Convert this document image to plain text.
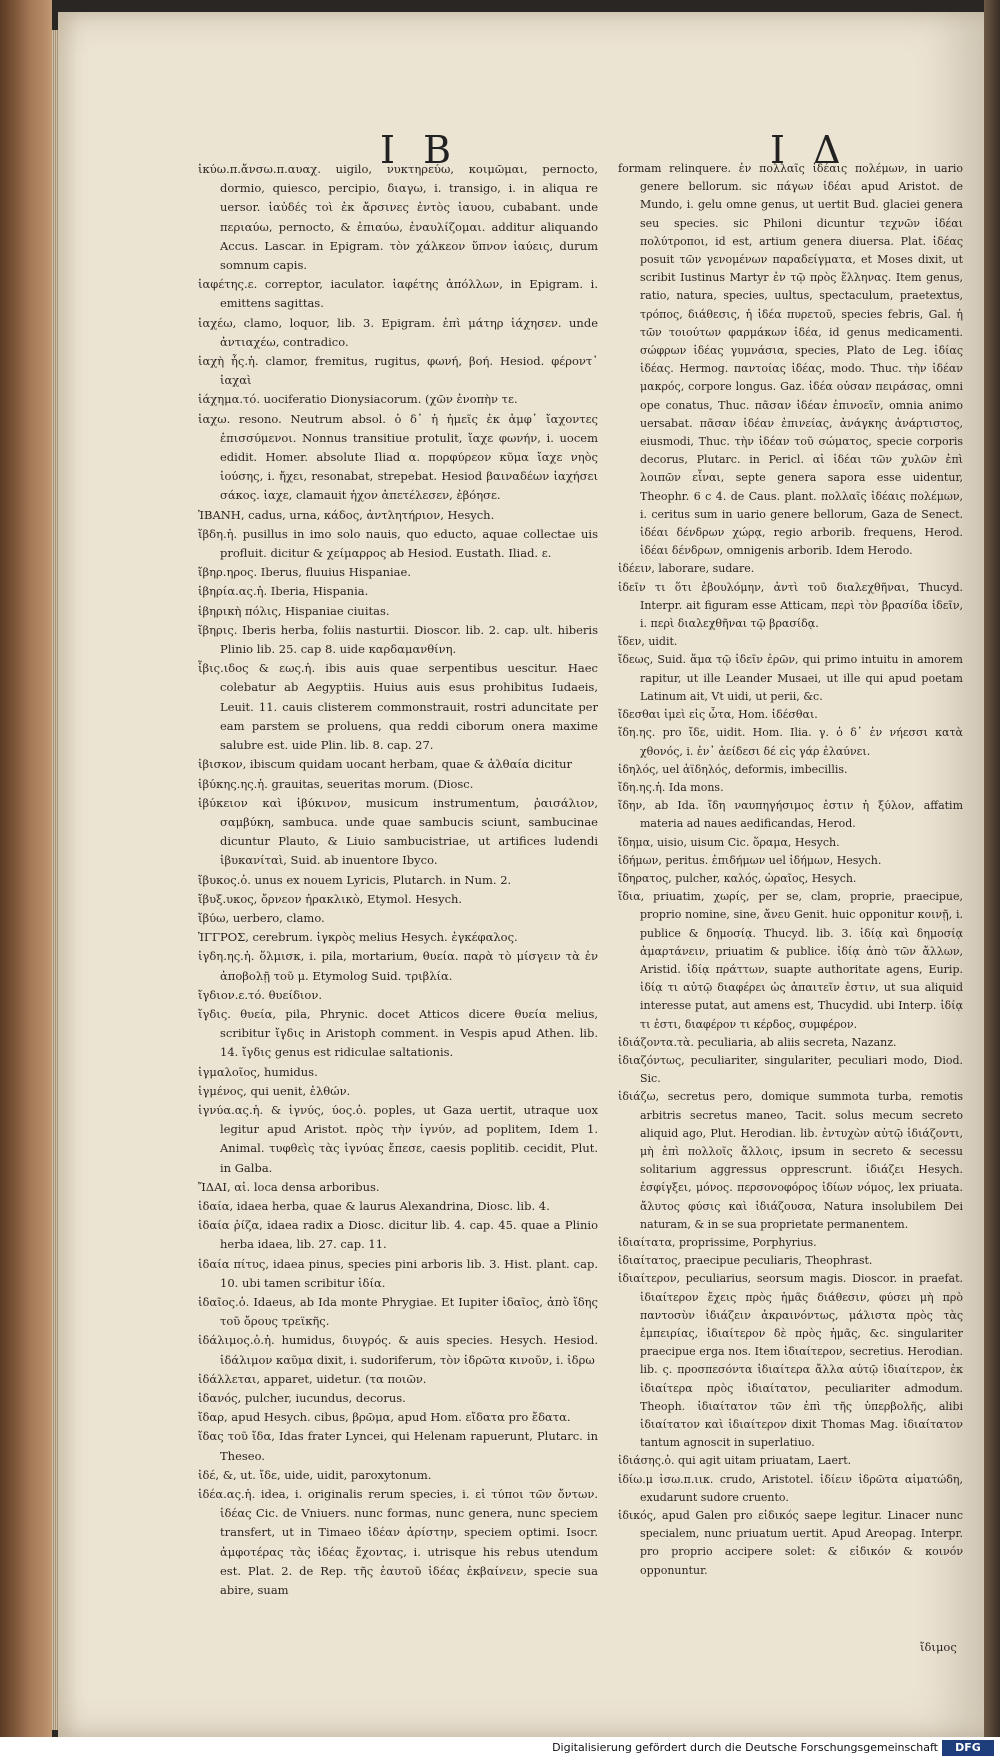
I B	I Δ

ἰκύω.π.ἄνσω.π.αυαχ. uigilo, νυκτηρεύω, κοιμῶμαι, pernocto, dormio, quiesco, percipio, διαγω, i. transigo, i. in aliqua re uersor. ἰαὐδές τοὶ ἐκ ἄρσινες ἐντὸς ἰαυου, cubabant. unde περιαύω, pernocto, & ἐπιαύω, ἐναυλίζομαι. additur aliquando Accus. Lascar. in Epigram. τὸν χάλκεον ὕπνον ἰαύεις, durum somnum capis.

ἰαφέτης.ε. correptor, iaculator. ἰαφέτης ἀπόλλων, in Epigram. i. emittens sagittas.

ἰαχέω, clamo, loquor, lib. 3. Epigram. ἐπὶ μάτηρ ἰάχησεν. unde ἀντιαχέω, contradico.

ἰαχὴ ἧς.ἡ. clamor, fremitus, rugitus, φωνή, βοή. Hesiod. φέροντ᾽ ἰαχαὶ

ἰάχημα.τό. uociferatio Dionysiacorum. (χῶν ἐνοπὴν τε.

ἰαχω. resono. Neutrum absol. ὁ δ᾽ ἡ ἡμεῖς ἐκ ἀμφ᾽ ἴαχοντες ἐπισσύμενοι. Nonnus transitiue protulit, ἴαχε φωνήν, i. uocem edidit. Homer. absolute Iliad α. πορφύρεον κῦμα ἴαχε νηὸς ἰούσης, i. ἤχει, resonabat, strepebat. Hesiod βαιναδέων ἰαχήσει σάκος. ἰαχε, clamauit ἠχον ἀπετέλεσεν, ἐβόησε.

ἸΒΑΝΗ, cadus, urna, κάδος, ἀντλητήριον, Hesych.

ἴβδη.ἡ. pusillus in imo solo nauis, quo educto, aquae collectae uis profluit. dicitur & χείμαρρος ab Hesiod. Eustath. Iliad. ε.

ἴβηρ.ηρος. Iberus, fluuius Hispaniae.

ἰβηρία.ας.ἡ. Iberia, Hispania.

ἰβηρικὴ πόλις, Hispaniae ciuitas.

ἴβηρις. Iberis herba, foliis nasturtii. Dioscor. lib. 2. cap. ult. hiberis Plinio lib. 25. cap 8. uide καρδαμανθίνη.

ἶβις.ιδος & εως.ἡ. ibis auis quae serpentibus uescitur. Haec colebatur ab Aegyptiis. Huius auis esus prohibitus Iudaeis, Leuit. 11. cauis clisterem commonstrauit, rostri aduncitate per eam parstem se proluens, qua reddi ciborum onera maxime salubre est. uide Plin. lib. 8. cap. 27.

ἰβισκον, ibiscum quidam uocant herbam, quae & ἀλθαία dicitur

ἰβύκης.ης.ἡ. grauitas, seueritas morum. (Diosc.

ἰβύκειον καὶ ἰβύκινον, musicum instrumentum, ῥαισάλιον, σαμβύκη, sambuca. unde quae sambucis sciunt, sambucinae dicuntur Plauto, & Liuio sambucistriae, ut artifices ludendi ἰβυκανίταὶ, Suid. ab inuentore Ibyco.

ἴβυκος.ὁ. unus ex nouem Lyricis, Plutarch. in Num. 2.

ἴβυξ.υκος, ὄρνεον ἠρακλικὸ, Etymol. Hesych.

ἴβύω, uerbero, clamo.

ἸΓΓΡΟΣ, cerebrum. ἰγκρὸς melius Hesych. ἐγκέφαλος.

ἰγδη.ης.ἡ. ὅλμισκ, i. pila, mortarium, θυεία. παρὰ τὸ μίσγειν τὰ ἐν ἀποβολῇ τοῦ μ. Etymolog Suid. τριβλία.

ἴγδιον.ε.τό. θυείδιον.

ἴγδις. θυεία, pila, Phrynic. docet Atticos dicere θυεία melius, scribitur ἴγδις in Aristoph comment. in Vespis apud Athen. lib. 14. ἴγδις genus est ridiculae saltationis.

ἰγμαλοῖος, humidus.

ἰγμένος, qui uenit, ἐλθών.

ἰγνύα.ας.ἡ. & ἰγνύς, ύος.ὁ. poples, ut Gaza uertit, utraque uox legitur apud Aristot. πρὸς τὴν ἰγνύν, ad poplitem, Idem 1. Animal. τυφθεὶς τὰς ἰγνύας ἔπεσε, caesis poplitib. cecidit, Plut. in Galba.

ἼΔΑΙ, αἱ. loca densa arboribus.

ἰδαία, idaea herba, quae & laurus Alexandrina, Diosc. lib. 4.

ἰδαία ῥίζα, idaea radix a Diosc. dicitur lib. 4. cap. 45. quae a Plinio herba idaea, lib. 27. cap. 11.

ἰδαία πίτυς, idaea pinus, species pini arboris lib. 3. Hist. plant. cap. 10. ubi tamen scribitur ἰδία.

ἰδαῖος.ὁ. Idaeus, ab Ida monte Phrygiae. Et Iupiter ἰδαῖος, ἀπὸ ἴδης τοῦ ὄρους τρεϊκῆς.

ἰδάλιμος.ὁ.ἡ. humidus, διυγρός. & auis species. Hesych. Hesiod. ἰδάλιμον καῦμα dixit, i. sudoriferum, τὸν ἱδρῶτα κινοῦν, i. ἰδρω

ἰδάλλεται, apparet, uidetur. (τα ποιῶν.

ἰδανός, pulcher, iucundus, decorus.

ἴδαρ, apud Hesych. cibus, βρῶμα, apud Hom. εἴδατα pro ἔδατα.

ἴδας τοῦ ἴδα, Idas frater Lyncei, qui Helenam rapuerunt, Plutarc. in Theseo.

ἰδέ, &, ut. ἴδε, uide, uidit, paroxytonum.

ἰδέα.ας.ἡ. idea, i. originalis rerum species, i. εἰ τύποι τῶν ὄντων. ἰδέας Cic. de Vniuers. nunc formas, nunc genera, nunc speciem transfert, ut in Timaeo ἰδέαν ἀρίστην, speciem optimi. Isocr. ἀμφοτέρας τὰς ἰδέας ἔχοντας, i. utrisque his rebus utendum est. Plat. 2. de Rep. τῆς ἑαυτοῦ ἰδέας ἐκβαίνειν, specie sua abire, suam

formam relinquere. ἐν πολλαῖς ἰδέαις πολέμων, in uario genere bellorum. sic πάγων ἰδέαι apud Aristot. de Mundo, i. gelu omne genus, ut uertit Bud. glaciei genera seu species. sic Philoni dicuntur τεχνῶν ἰδέαι πολύτροποι, id est, artium genera diuersa. Plat. ἰδέας posuit τῶν γενομένων παραδείγματα, et Moses dixit, ut scribit Iustinus Martyr ἐν τῷ πρὸς ἕλληνας. Item genus, ratio, natura, species, uultus, spectaculum, praetextus, τρόπος, διάθεσις, ἡ ἰδέα πυρετοῦ, species febris, Gal. ἡ τῶν τοιούτων φαρμάκων ἰδέα, id genus medicamenti. σώφρων ἰδέας γυμνάσια, species, Plato de Leg. ἰδίας ἰδέας. Hermog. παντοίας ἰδέας, modo. Thuc. τὴν ἰδέαν μακρός, corpore longus. Gaz. ἰδέα οὐσαν πειράσας, omni ope conatus, Thuc. πᾶσαν ἰδέαν ἐπινοεῖν, omnia animo uersabat. πᾶσαν ἰδέαν ἐπινείας, ἀνάγκης ἀνάρτιστος, eiusmodi, Thuc. τὴν ἰδέαν τοῦ σώματος, specie corporis decorus, Plutarc. in Pericl. αἱ ἰδέαι τῶν χυλῶν ἐπὶ λοιπῶν εἶναι, septe genera sapora esse uidentur, Theophr. 6 c 4. de Caus. plant. πολλαῖς ἰδέαις πολέμων, i. ceritus sum in uario genere bellorum, Gaza de Senect. ἰδέαι δένδρων χώρᾳ, regio arborib. frequens, Herod. ἰδέαι δένδρων, omnigenis arborib. Idem Herodo.

ἰδέειν, laborare, sudare.

ἰδεῖν τι ὅτι ἐβουλόμην, ἀντὶ τοῦ διαλεχθῆναι, Thucyd. Interpr. ait figuram esse Atticam, περὶ τὸν βρασίδα ἰδεῖν, i. περὶ διαλεχθῆναι τῷ βρασίδᾳ.

ἴδεν, uidit.

ἴδεως, Suid. ἅμα τῷ ἰδεῖν ἐρῶν, qui primo intuitu in amorem rapitur, ut ille Leander Musaei, ut ille qui apud poetam Latinum ait, Vt uidi, ut perii, &c.

ἴδεσθαι ἰμεὶ εἰς ὦτα, Hom. ἰδέσθαι.

ἴδη.ης. pro ἴδε, uidit. Hom. Ilia. γ. ὁ δ᾽ ἐν νήεσσι κατὰ χθονός, i. ἐν᾽ ἀείδεσι δέ εἰς γάρ ἐλαύνει.

ἰδηλός, uel ἀϊδηλός, deformis, imbecillis.

ἴδη.ης.ἡ. Ida mons.

ἴδην, ab Ida. ἴδη ναυπηγήσιμος ἐστιν ἡ ξύλον, affatim materia ad naues aedificandas, Herod.

ἴδημα, uisio, uisum Cic. ὅραμα, Hesych.

ἰδήμων, peritus. ἐπιδήμων uel ἰδήμων, Hesych.

ἴδηρατος, pulcher, καλός, ὡραῖος, Hesych.

ἴδια, priuatim, χωρίς, per se, clam, proprie, praecipue, proprio nomine, sine, ἄνευ Genit. huic opponitur κοινῇ, i. publice & δημοσίᾳ. Thucyd. lib. 3. ἰδίᾳ καὶ δημοσίᾳ ἁμαρτάνειν, priuatim & publice. ἰδίᾳ ἀπὸ τῶν ἄλλων, Aristid. ἰδίᾳ πράττων, suapte authoritate agens, Eurip. ἰδίᾳ τι αὐτῷ διαφέρει ὡς ἀπαιτεῖν ἐστιν, ut sua aliquid interesse putat, aut amens est, Thucydid. ubi Interp. ἰδίᾳ τι ἐστι, διαφέρον τι κέρδος, συμφέρον.

ἰδιάζοντα.τὰ. peculiaria, ab aliis secreta, Nazanz.

ἰδιαζόντως, peculiariter, singulariter, peculiari modo, Diod. Sic.

ἰδιάζω, secretus pero, domique summota turba, remotis arbitris secretus maneo, Tacit. solus mecum secreto aliquid ago, Plut. Herodian. lib. ἐντυχὼν αὐτῷ ἰδιάζοντι, μὴ ἐπὶ πολλοῖς ἄλλοις, ipsum in secreto & secessu solitarium aggressus opprescrunt. ἰδιάζει Hesych. ἐσφίγξει, μόνος. περσονοφόρος ἰδίων νόμος, lex priuata. ἄλυτος φύσις καὶ ἰδιάζουσα, Natura insolubilem Dei naturam, & in se sua proprietate permanentem.

ἰδιαίτατα, proprissime, Porphyrius.

ἰδιαίτατος, praecipue peculiaris, Theophrast.

ἰδιαίτερον, peculiarius, seorsum magis. Dioscor. in praefat. ἰδιαίτερον ἔχεις πρὸς ἡμᾶς διάθεσιν, φύσει μὴ πρὸ παντοσὺν ἰδιάζειν ἀκραινόντως, μάλιστα πρὸς τὰς ἐμπειρίας, ἰδιαίτερον δὲ πρὸς ἡμᾶς, &c. singulariter praecipue erga nos. Item ἰδιαίτερον, secretius. Herodian. lib. ς. προσπεσόντα ἰδιαίτερα ἄλλα αὐτῷ ἰδιαίτερον, ἐκ ἰδιαίτερα πρὸς ἰδιαίτατον, peculiariter admodum. Theoph. ἰδιαίτατον τῶν ἐπὶ τῆς ὑπερβολῆς, alibi ἰδιαίτατον καὶ ἰδιαίτερον dixit Thomas Mag. ἰδιαίτατον tantum agnoscit in superlatiuo.

ἰδιάσης.ὁ. qui agit uitam priuatam, Laert.

ἰδίω.μ ἰσω.π.ιικ. crudo, Aristotel. ἰδίειν ἱδρῶτα αἱματώδη, exudarunt sudore cruento.

ἰδικός, apud Galen pro εἰδικός saepe legitur. Linacer nunc specialem, nunc priuatum uertit. Apud Areopag. Interpr. pro proprio accipere solet: & εἰδικόν & κοινόν opponuntur.

ἴδιμος
Digitalisierung gefördert durch die Deutsche Forschungsgemeinschaft	DFG
